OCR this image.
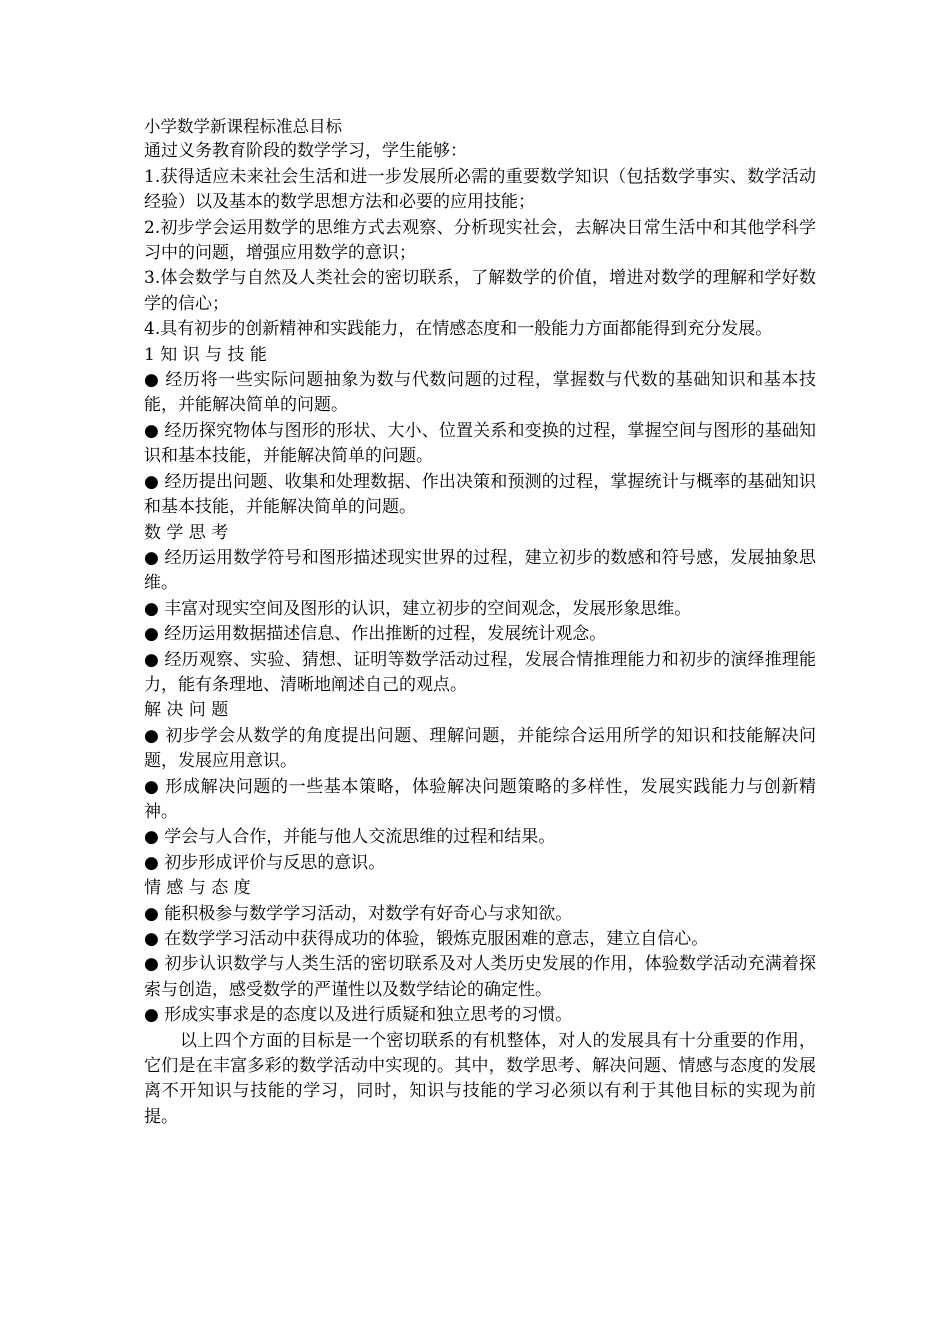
小学数学新课程标准总目标

通过义务教育阶段的数学学习，学生能够：

1.获得适应未来社会生活和进一步发展所必需的重要数学知识（包括数学事实、数学活动经验）以及基本的数学思想方法和必要的应用技能；

2.初步学会运用数学的思维方式去观察、分析现实社会，去解决日常生活中和其他学科学习中的问题，增强应用数学的意识；

3.体会数学与自然及人类社会的密切联系，了解数学的价值，增进对数学的理解和学好数学的信心；

4.具有初步的创新精神和实践能力，在情感态度和一般能力方面都能得到充分发展。

1 知 识 与 技 能

● 经历将一些实际问题抽象为数与代数问题的过程，掌握数与代数的基础知识和基本技能，并能解决简单的问题。

● 经历探究物体与图形的形状、大小、位置关系和变换的过程，掌握空间与图形的基础知识和基本技能，并能解决简单的问题。

● 经历提出问题、收集和处理数据、作出决策和预测的过程，掌握统计与概率的基础知识和基本技能，并能解决简单的问题。

数 学 思 考

● 经历运用数学符号和图形描述现实世界的过程，建立初步的数感和符号感，发展抽象思维。

● 丰富对现实空间及图形的认识，建立初步的空间观念，发展形象思维。

● 经历运用数据描述信息、作出推断的过程，发展统计观念。

● 经历观察、实验、猜想、证明等数学活动过程，发展合情推理能力和初步的演绎推理能力，能有条理地、清晰地阐述自己的观点。

解 决 问 题

● 初步学会从数学的角度提出问题、理解问题，并能综合运用所学的知识和技能解决问题，发展应用意识。

● 形成解决问题的一些基本策略，体验解决问题策略的多样性，发展实践能力与创新精神。

● 学会与人合作，并能与他人交流思维的过程和结果。

● 初步形成评价与反思的意识。

情 感 与 态 度

● 能积极参与数学学习活动，对数学有好奇心与求知欲。

● 在数学学习活动中获得成功的体验，锻炼克服困难的意志，建立自信心。

● 初步认识数学与人类生活的密切联系及对人类历史发展的作用，体验数学活动充满着探索与创造，感受数学的严谨性以及数学结论的确定性。

● 形成实事求是的态度以及进行质疑和独立思考的习惯。

以上四个方面的目标是一个密切联系的有机整体，对人的发展具有十分重要的作用，它们是在丰富多彩的数学活动中实现的。其中，数学思考、解决问题、情感与态度的发展离不开知识与技能的学习，同时，知识与技能的学习必须以有利于其他目标的实现为前提。
